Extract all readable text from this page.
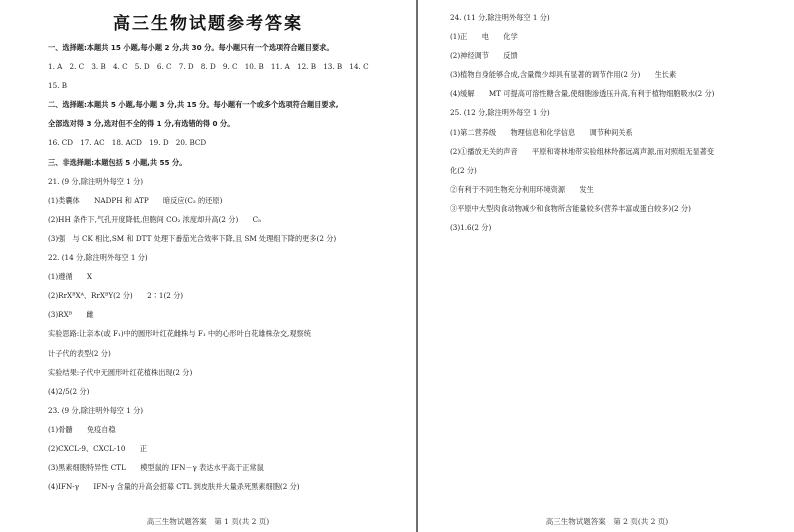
高三生物试题参考答案
一、选择题:本题共 15 小题,每小题 2 分,共 30 分。每小题只有一个选项符合题目要求。
1. A　2. C　3. B　4. C　5. D　6. C　7. D　8. D　9. C　10. B　11. A　12. B　13. B　14. C
15. B
二、选择题:本题共 5 小题,每小题 3 分,共 15 分。每小题有一个或多个选项符合题目要求,
全部选对得 3 分,选对但不全的得 1 分,有选错的得 0 分。
16. CD　17. AC　18. ACD　19. D　20. BCD
三、非选择题:本题包括 5 小题,共 55 分。
21. (9 分,除注明外每空 1 分)
(1)类囊体　　NADPH 和 ATP　　暗反应(C₃ 的还原)
(2)HH 条件下,气孔开度降低,但胞间 CO₂ 浓度却升高(2 分)　　C₅
(3)强　与 CK 相比,SM 和 DTT 处理下番茄光合效率下降,且 SM 处理组下降的更多(2 分)
22. (14 分,除注明外每空 1 分)
(1)遵循　　X
(2)RrXᴮXᴬ、RrXᴮY(2 分)　　2∶1(2 分)
(3)RXᴮ　　雌
实验思路:让亲本(或 F₁)中的圆形叶红花雌株与 F₁ 中的心形叶白花雄株杂交,观察统
计子代的表型(2 分)
实验结果:子代中无圆形叶红花植株出现(2 分)
(4)2/5(2 分)
23. (9 分,除注明外每空 1 分)
(1)骨髓　　免疫自稳
(2)CXCL-9、CXCL-10　　正
(3)黑素细胞特异性 CTL　　模型鼠的 IFN－γ 表达水平高于正常鼠
(4)IFN-γ　　IFN-γ 含量的升高会招募 CTL 到皮肤并大量杀死黑素细胞(2 分)
高三生物试题答案　第 1 页(共 2 页)
24. (11 分,除注明外每空 1 分)
(1)正　　电　　化学
(2)神经调节　　反馈
(3)植物自身能够合成,含量微少却具有显著的调节作用(2 分)　　生长素
(4)缓解　　MT 可提高可溶性糖含量,使细胞渗透压升高,有利于植物细胞吸水(2 分)
25. (12 分,除注明外每空 1 分)
(1)第二营养级　　物理信息和化学信息　　调节种间关系
(2)①播放无关的声音　　平原和寄林地带实验组林羚都远离声源,而对照组无显著变
化(2 分)
②有利于不同生物充分利用环境资源　　发生
③平原中大型肉食动物减少和食物所含能量较多(营养丰富或蛋白较多)(2 分)
(3)1.6(2 分)
高三生物试题答案　第 2 页(共 2 页)
